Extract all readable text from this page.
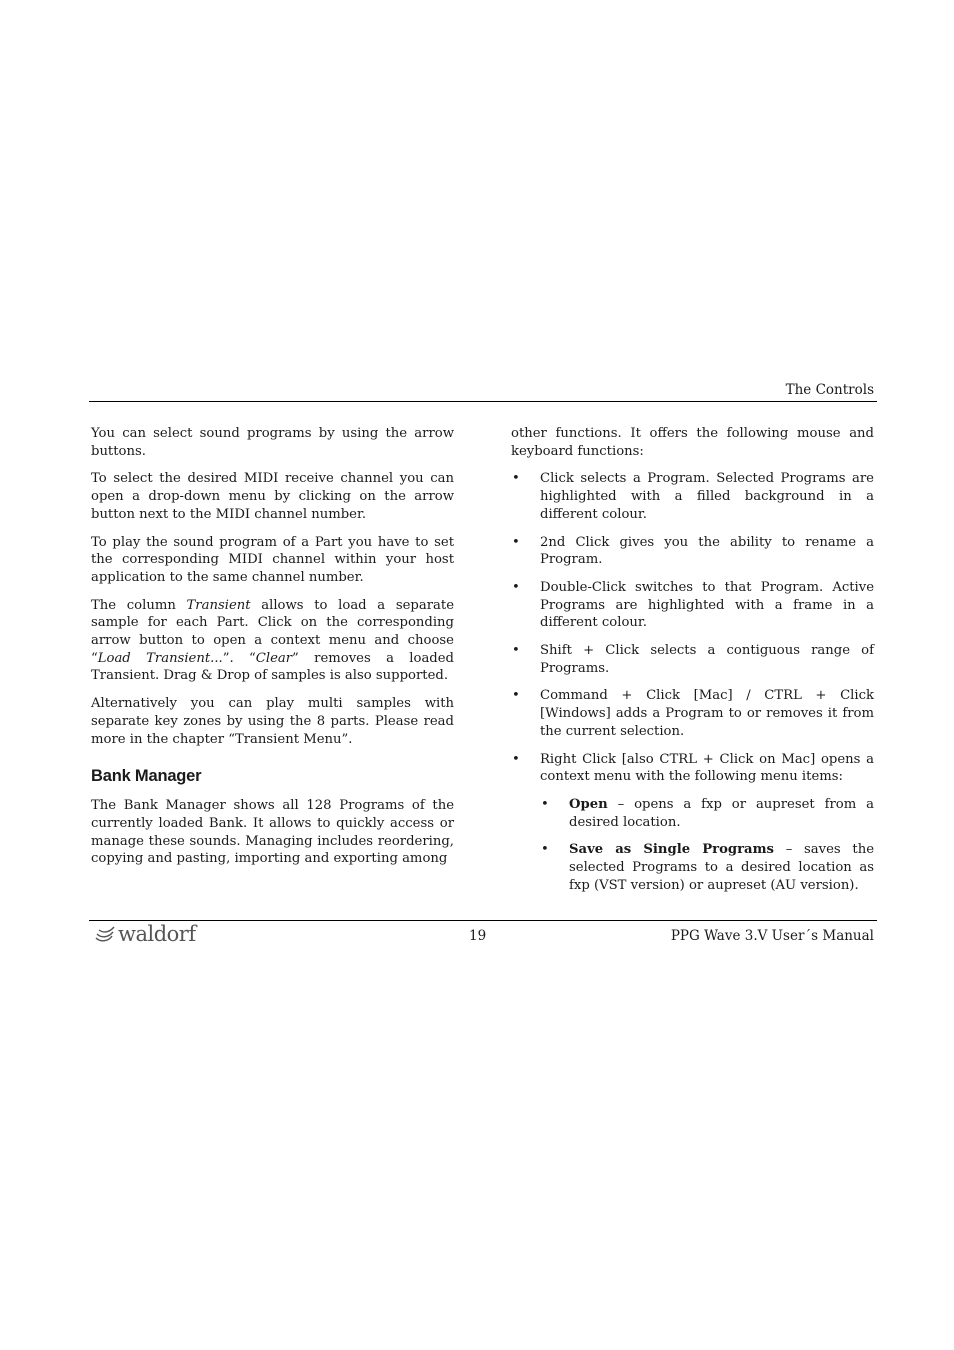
The Controls

You can select sound programs by using the arrow buttons.

To select the desired MIDI receive channel you can open a drop-down menu by clicking on the arrow button next to the MIDI channel number.

To play the sound program of a Part you have to set the corresponding MIDI channel within your host application to the same channel number.

The column Transient allows to load a separate sample for each Part. Click on the corresponding arrow button to open a context menu and choose “Load Transient...”. “Clear” removes a loaded Transient. Drag & Drop of samples is also supported.

Alternatively you can play multi samples with separate key zones by using the 8 parts. Please read more in the chapter “Transient Menu”.

Bank Manager

The Bank Manager shows all 128 Programs of the currently loaded Bank. It allows to quickly access or manage these sounds. Managing includes reordering, copying and pasting, importing and exporting among

other functions. It offers the following mouse and keyboard functions:

• Click selects a Program. Selected Programs are highlighted with a filled background in a different colour.
• 2nd Click gives you the ability to rename a Program.
• Double-Click switches to that Program. Active Programs are highlighted with a frame in a different colour.
• Shift + Click selects a contiguous range of Programs.
• Command + Click [Mac] / CTRL + Click [Windows] adds a Program to or removes it from the current selection.
• Right Click [also CTRL + Click on Mac] opens a context menu with the following menu items:
• Open – opens a fxp or aupreset from a desired location.
• Save as Single Programs – saves the selected Programs to a desired location as fxp (VST version) or aupreset (AU version).
waldorf	19	PPG Wave 3.V User´s Manual
